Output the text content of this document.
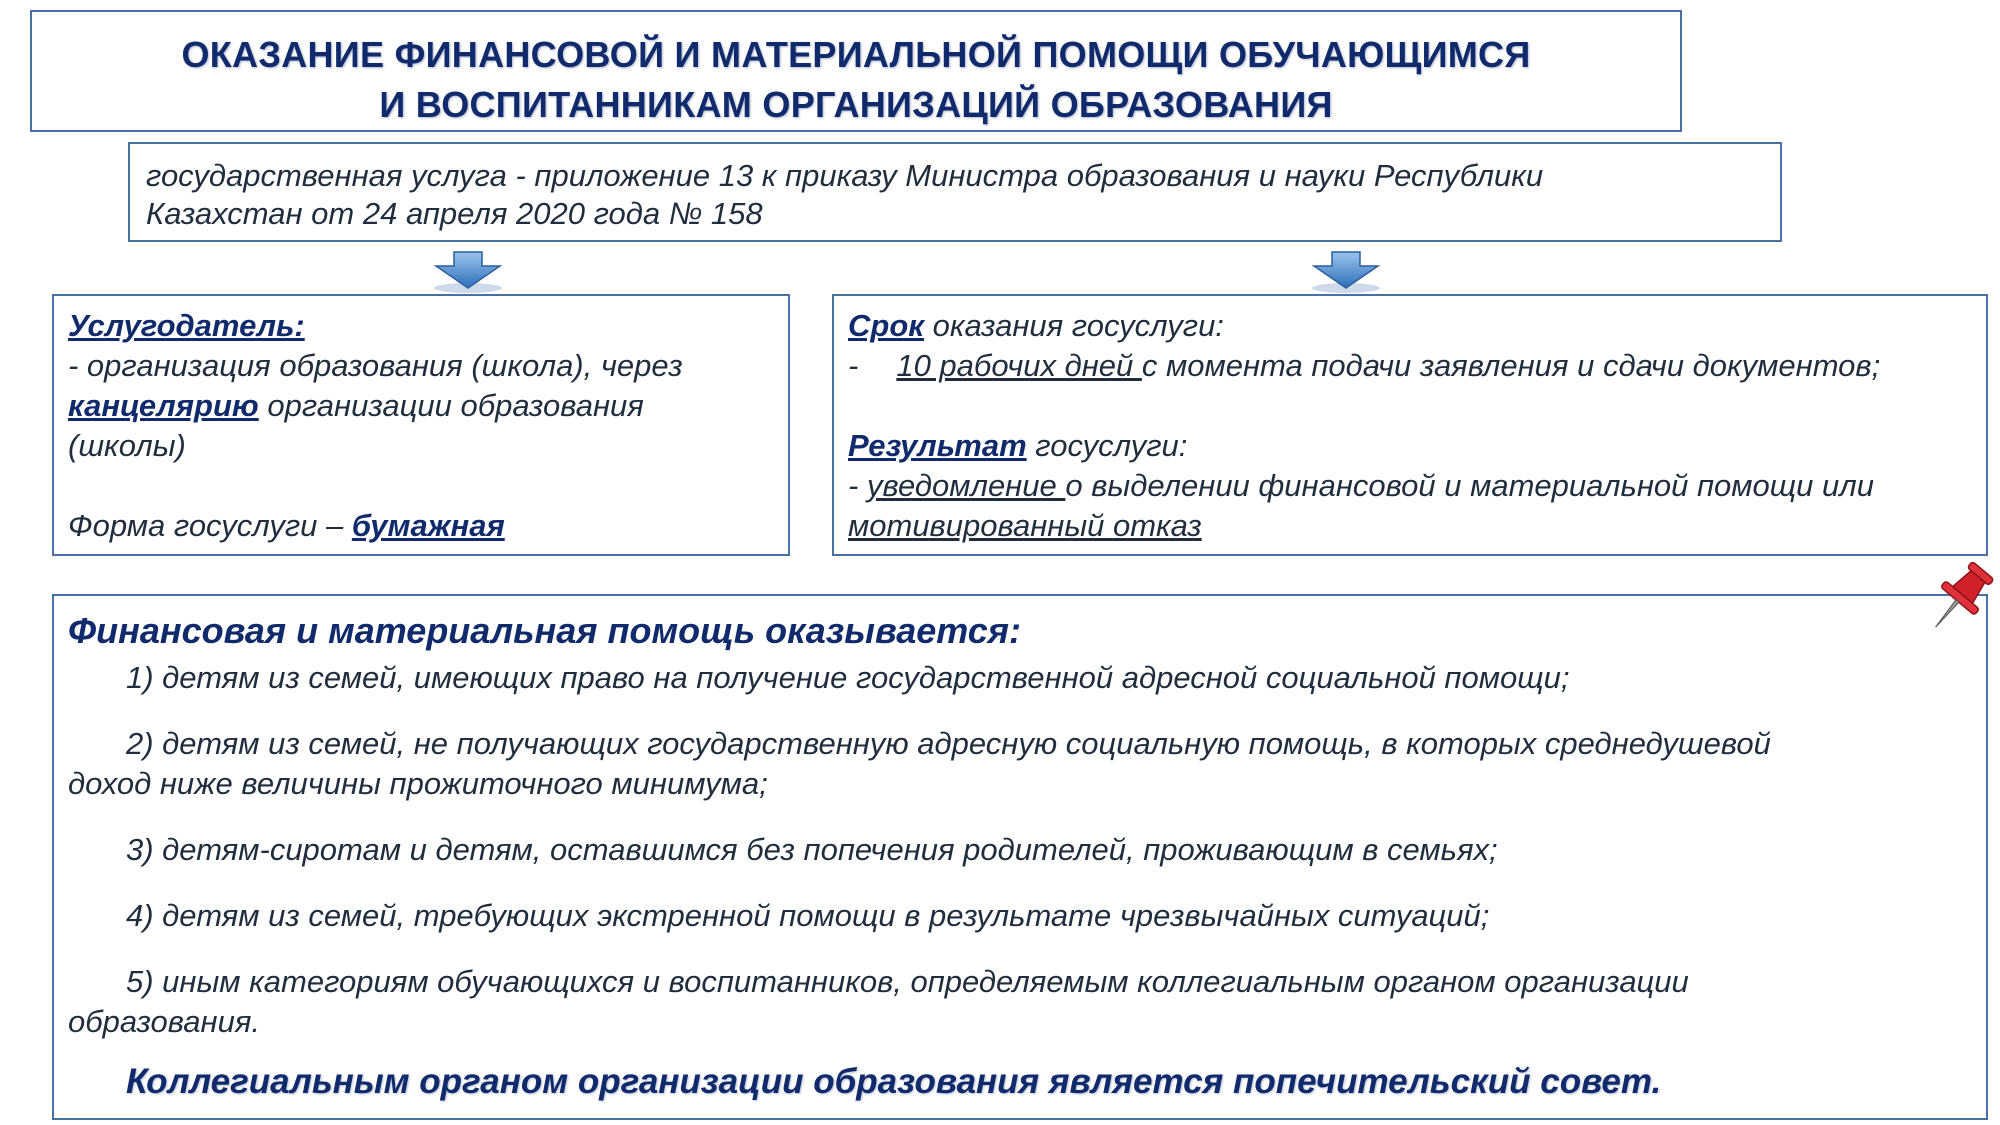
ОКАЗАНИЕ ФИНАНСОВОЙ И МАТЕРИАЛЬНОЙ ПОМОЩИ ОБУЧАЮЩИМСЯ
И ВОСПИТАННИКАМ ОРГАНИЗАЦИЙ ОБРАЗОВАНИЯ
государственная услуга - приложение 13 к приказу Министра образования и науки Республики
Казахстан от 24 апреля 2020 года № 158
Услугодатель:
- организация образования (школа), через
канцелярию организации образования
(школы)
Форма госуслуги – бумажная
Срок оказания госуслуги:
- 10 рабочих дней с момента подачи заявления и сдачи документов;
Результат госуслуги:
- уведомление о выделении финансовой и материальной помощи или
мотивированный отказ
Финансовая и материальная помощь оказывается:
1) детям из семей, имеющих право на получение государственной адресной социальной помощи;
2) детям из семей, не получающих государственную адресную социальную помощь, в которых среднедушевой
доход ниже величины прожиточного минимума;
3) детям-сиротам и детям, оставшимся без попечения родителей, проживающим в семьях;
4) детям из семей, требующих экстренной помощи в результате чрезвычайных ситуаций;
5) иным категориям обучающихся и воспитанников, определяемым коллегиальным органом организации
образования.
Коллегиальным органом организации образования является попечительский совет.
